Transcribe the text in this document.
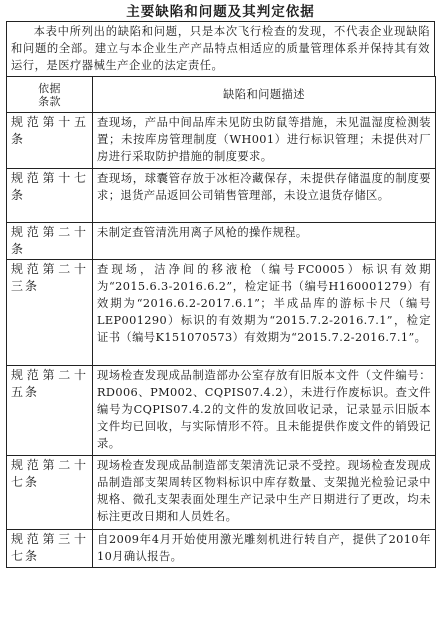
主要缺陷和问题及其判定依据
本表中所列出的缺陷和问题，只是本次飞行检查的发现，不代表企业现缺陷和问题的全部。建立与本企业生产产品特点相适应的质量管理体系并保持其有效运行，是医疗器械生产企业的法定责任。
依据
条款	缺陷和问题描述

规范第十五
条	查现场，产品中间品库未见防虫防鼠等措施，未见温湿度检测装置；未按库房管理制度（WH001）进行标识管理；未提供对厂房进行采取防护措施的制度要求。

规范第十七
条	查现场，球囊管存放于冰柜冷藏保存，未提供存储温度的制度要求；退货产品返回公司销售管理部，未设立退货存储区。

规范第二十
条	未制定查管清洗用离子风枪的操作规程。

规范第二十
三条	查现场，洁净间的移液枪（编号FC0005）标识有效期为“2015.6.3-2016.6.2”，检定证书（编号H160001279）有效期为“2016.6.2-2017.6.1”；半成品库的游标卡尺（编号LEP001290）标识的有效期为“2015.7.2-2016.7.1”，检定证书（编号K151070573）有效期为“2015.7.2-2016.7.1”。

规范第二十
五条	现场检查发现成品制造部办公室存放有旧版本文件（文件编号：RD006、PM002、CQPIS07.4.2），未进行作废标识。查文件编号为CQPIS07.4.2的文件的发放回收记录，记录显示旧版本文件均已回收，与实际情形不符。且未能提供作废文件的销毁记录。

规范第二十
七条	现场检查发现成品制造部支架清洗记录不受控。现场检查发现成品制造部支架周转区物料标识中库存数量、支架抛光检验记录中规格、微孔支架表面处理生产记录中生产日期进行了更改，均未标注更改日期和人员姓名。

规范第三十
七条	自2009年4月开始使用激光雕刻机进行转自产，提供了2010年10月确认报告。
